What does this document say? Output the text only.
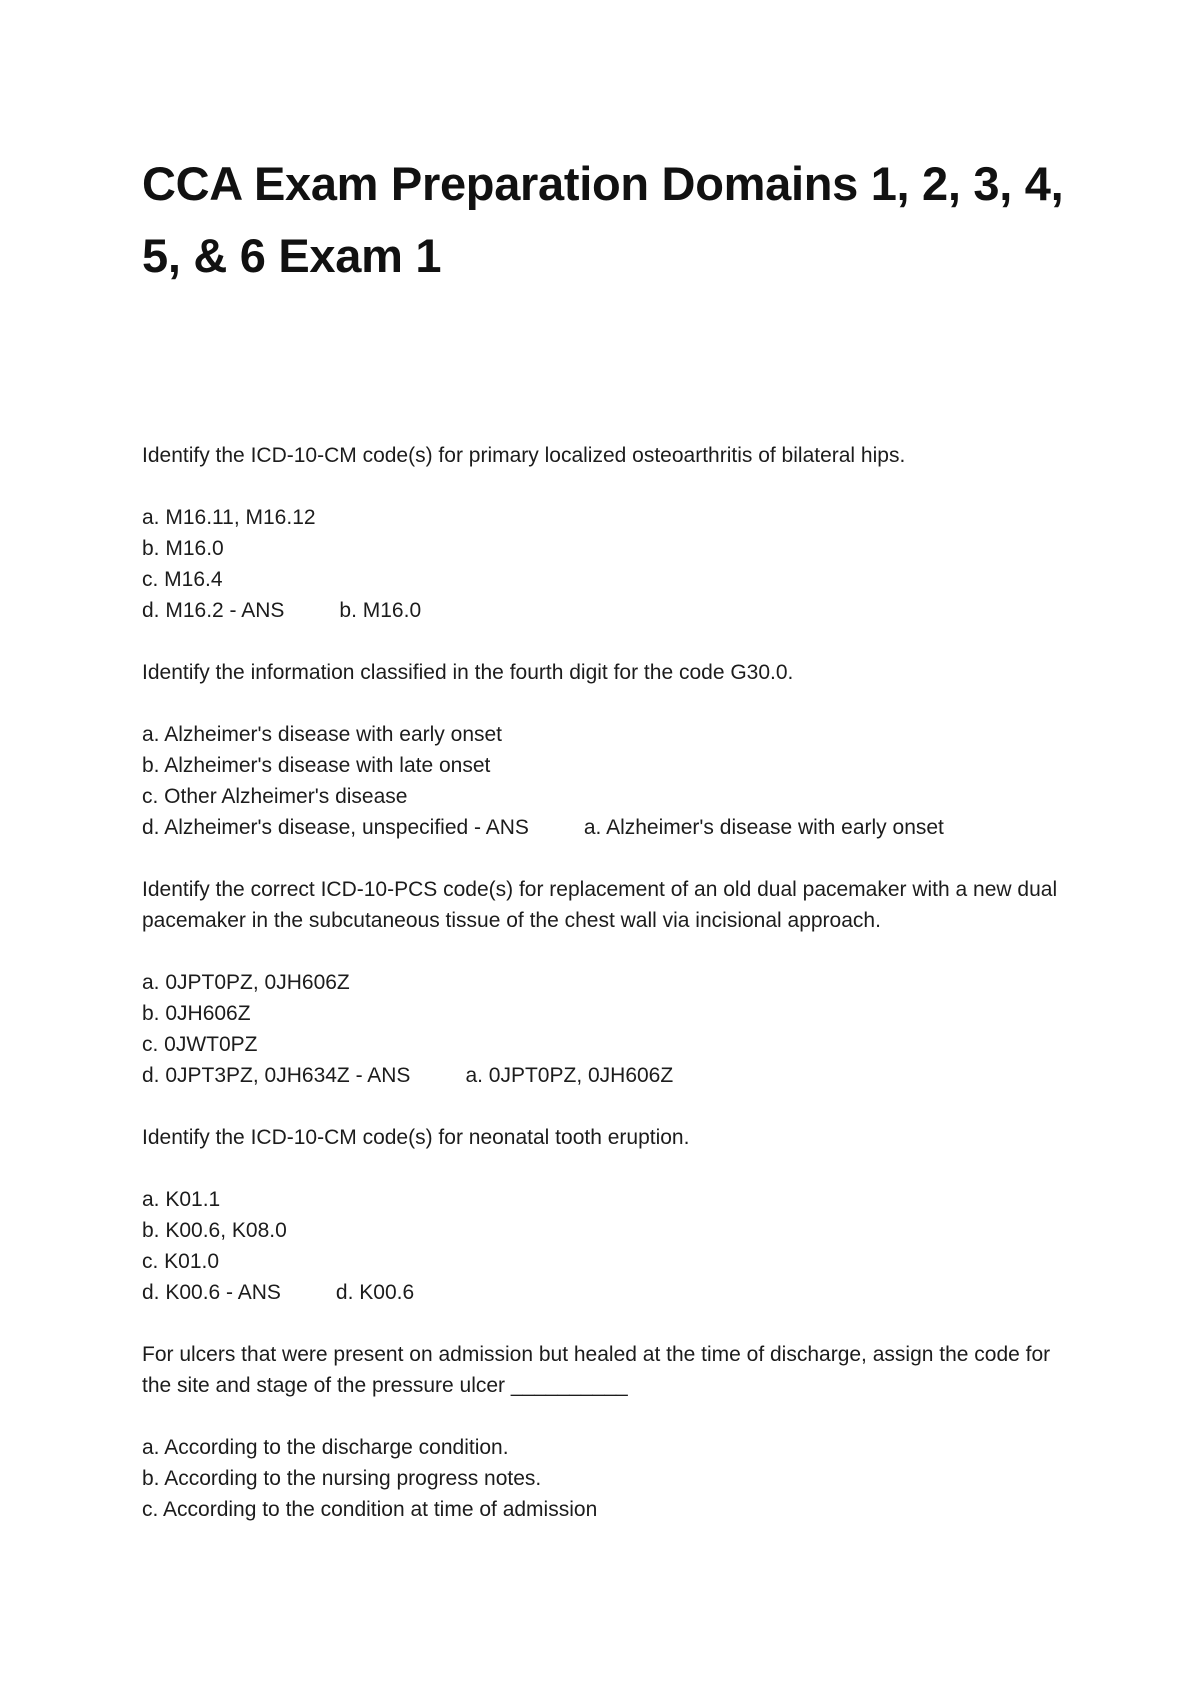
CCA Exam Preparation Domains 1, 2, 3, 4, 5, & 6 Exam 1

Identify the ICD-10-CM code(s) for primary localized osteoarthritis of bilateral hips.

a. M16.11, M16.12
b. M16.0
c. M16.4
d. M16.2 - ANS	b. M16.0

Identify the information classified in the fourth digit for the code G30.0.

a. Alzheimer's disease with early onset
b. Alzheimer's disease with late onset
c. Other Alzheimer's disease
d. Alzheimer's disease, unspecified - ANS	a. Alzheimer's disease with early onset

Identify the correct ICD-10-PCS code(s) for replacement of an old dual pacemaker with a new dual pacemaker in the subcutaneous tissue of the chest wall via incisional approach.

a. 0JPT0PZ, 0JH606Z
b. 0JH606Z
c. 0JWT0PZ
d. 0JPT3PZ, 0JH634Z - ANS	a. 0JPT0PZ, 0JH606Z

Identify the ICD-10-CM code(s) for neonatal tooth eruption.

a. K01.1
b. K00.6, K08.0
c. K01.0
d. K00.6 - ANS	d. K00.6

For ulcers that were present on admission but healed at the time of discharge, assign the code for the site and stage of the pressure ulcer __________

a. According to the discharge condition.
b. According to the nursing progress notes.
c. According to the condition at time of admission
